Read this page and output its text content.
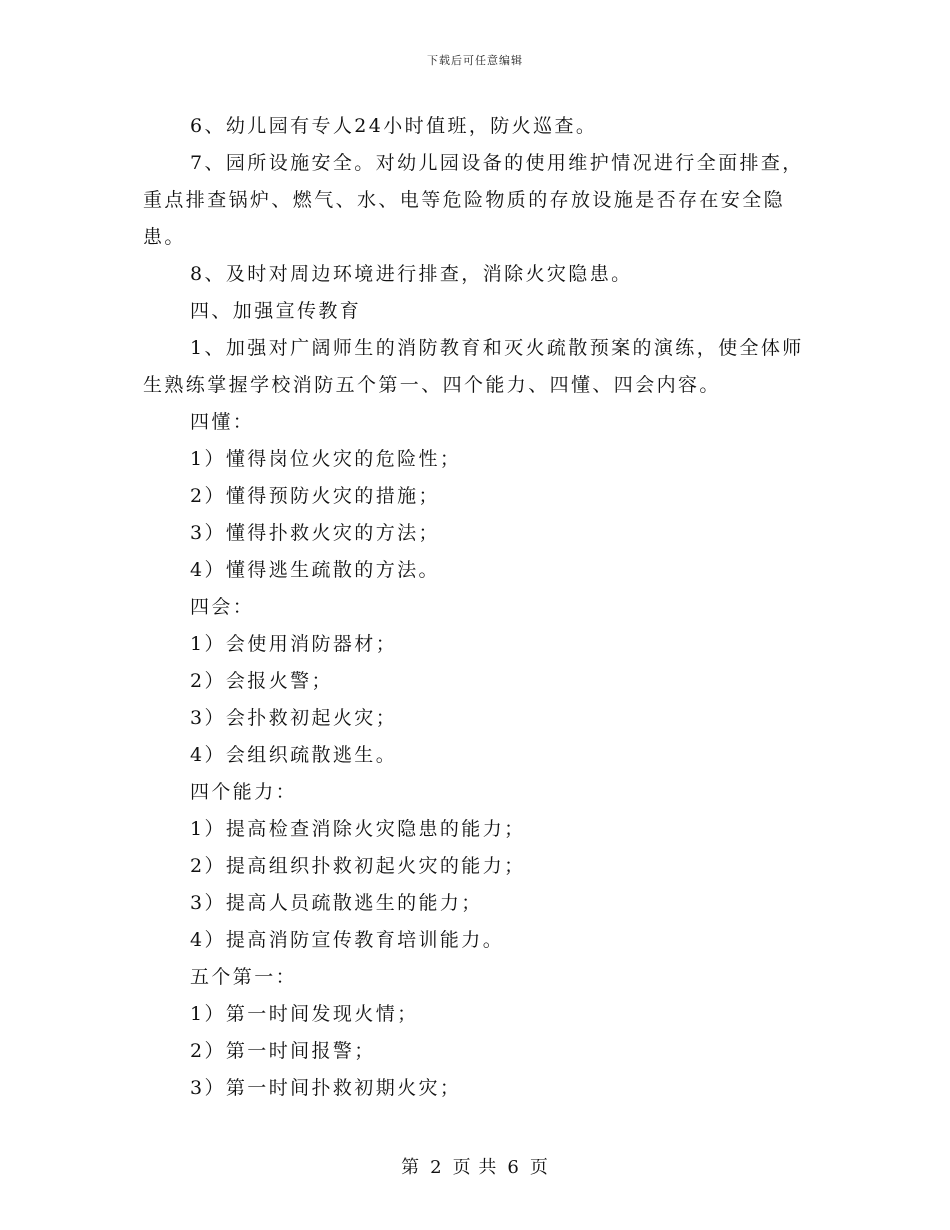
下载后可任意编辑

6、幼儿园有专人24小时值班，防火巡查。

7、园所设施安全。对幼儿园设备的使用维护情况进行全面排查，重点排查锅炉、燃气、水、电等危险物质的存放设施是否存在安全隐患。

8、及时对周边环境进行排查，消除火灾隐患。

四、加强宣传教育

1、加强对广阔师生的消防教育和灭火疏散预案的演练，使全体师生熟练掌握学校消防五个第一、四个能力、四懂、四会内容。

四懂：

1）懂得岗位火灾的危险性；

2）懂得预防火灾的措施；

3）懂得扑救火灾的方法；

4）懂得逃生疏散的方法。

四会：

1）会使用消防器材；

2）会报火警；

3）会扑救初起火灾；

4）会组织疏散逃生。

四个能力：

1）提高检查消除火灾隐患的能力；

2）提高组织扑救初起火灾的能力；

3）提高人员疏散逃生的能力；

4）提高消防宣传教育培训能力。

五个第一：

1）第一时间发现火情；

2）第一时间报警；

3）第一时间扑救初期火灾；

第 2 页 共 6 页
